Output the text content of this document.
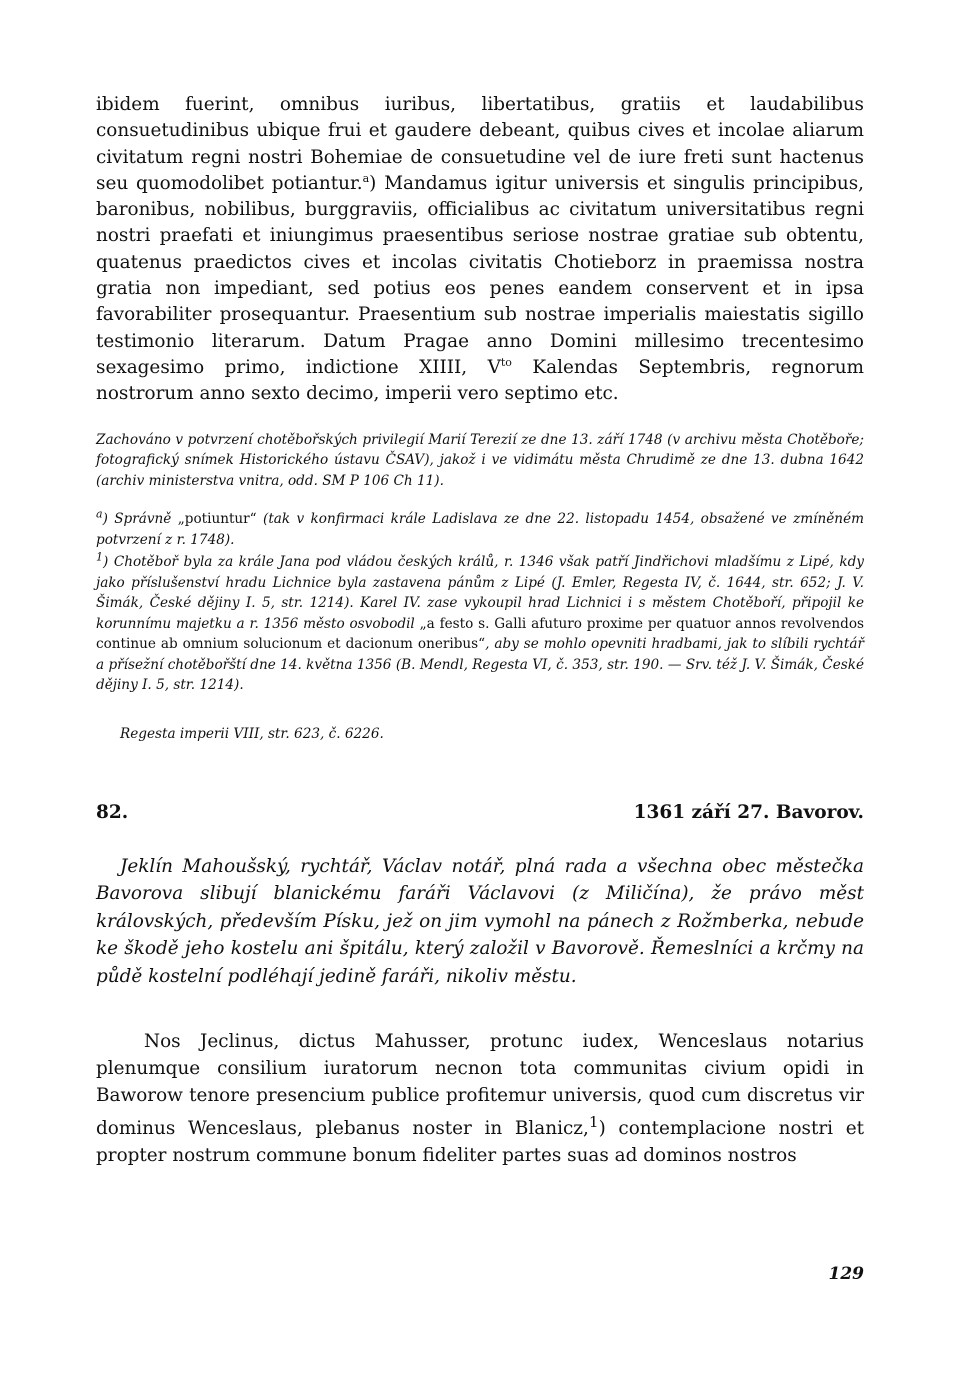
ibidem fuerint, omnibus iuribus, libertatibus, gratiis et laudabilibus consuetudinibus ubique frui et gaudere debeant, quibus cives et incolae aliarum civitatum regni nostri Bohemiae de consuetudine vel de iure freti sunt hactenus seu quomodolibet potiantur.$^a$) Mandamus igitur universis et singulis principibus, baronibus, nobilibus, burggraviis, officialibus ac civitatum universitatibus regni nostri praefati et iniungimus praesentibus seriose nostrae gratiae sub obtentu, quatenus praedictos cives et incolas civitatis Chotieborz in praemissa nostra gratia non impediant, sed potius eos penes eandem conservent et in ipsa favorabiliter prosequantur. Praesentium sub nostrae imperialis maiestatis sigillo testimonio literarum. Datum Pragae anno Domini millesimo trecentesimo sexagesimo primo, indictione XIIII, $V^{to}$ Kalendas Septembris, regnorum nostrorum anno sexto decimo, imperii vero septimo etc.

Zachováno v potvrzení chotěbořských privilegií Marií Terezií ze dne 13. září 1748 (v archivu města Chotěboře; fotografický snímek Historického ústavu ČSAV), jakož i ve vidimátu města Chrudimě ze dne 13. dubna 1642 (archiv ministerstva vnitra, odd. SM P 106 Ch 11).

$^a$) Správně „potiuntur“ (tak v konfirmaci krále Ladislava ze dne 22. listopadu 1454, obsažené ve zmíněném potvrzení z r. 1748).

$^1$) Chotěboř byla za krále Jana pod vládou českých králů, r. 1346 však patří Jindřichovi mladšímu z Lipé, kdy jako příslušenství hradu Lichnice byla zastavena pánům z Lipé (J. Emler, Regesta IV, č. 1644, str. 652; J. V. Šimák, České dějiny I. 5, str. 1214). Karel IV. zase vykoupil hrad Lichnici i s městem Chotěboří, připojil ke korunnímu majetku a r. 1356 město osvobodil „a festo s. Galli afuturo proxime per quatuor annos revolvendos continue ab omnium solucionum et dacionum oneribus“, aby se mohlo opevniti hradbami, jak to slíbili rychtář a přísežní chotěbořští dne 14. května 1356 (B. Mendl, Regesta VI, č. 353, str. 190. — Srv. též J. V. Šimák, České dějiny I. 5, str. 1214).

Regesta imperii VIII, str. 623, č. 6226.

82.	1361 září 27. Bavorov.

Jeklín Mahoušský, rychtář, Václav notář, plná rada a všechna obec městečka Bavorova slibují blanickému faráři Václavovi (z Miličína), že právo měst královských, především Písku, jež on jim vymohl na pánech z Rožmberka, nebude ke škodě jeho kostelu ani špitálu, který založil v Bavorově. Řemeslníci a krčmy na půdě kostelní podléhají jedině faráři, nikoliv městu.

Nos Jeclinus, dictus Mahusser, protunc iudex, Wenceslaus notarius plenumque consilium iuratorum necnon tota communitas civium opidi in Baworow tenore presencium publice profitemur universis, quod cum discretus vir dominus Wenceslaus, plebanus noster in Blanicz,$^1$) contemplacione nostri et propter nostrum commune bonum fideliter partes suas ad dominos nostros

129
